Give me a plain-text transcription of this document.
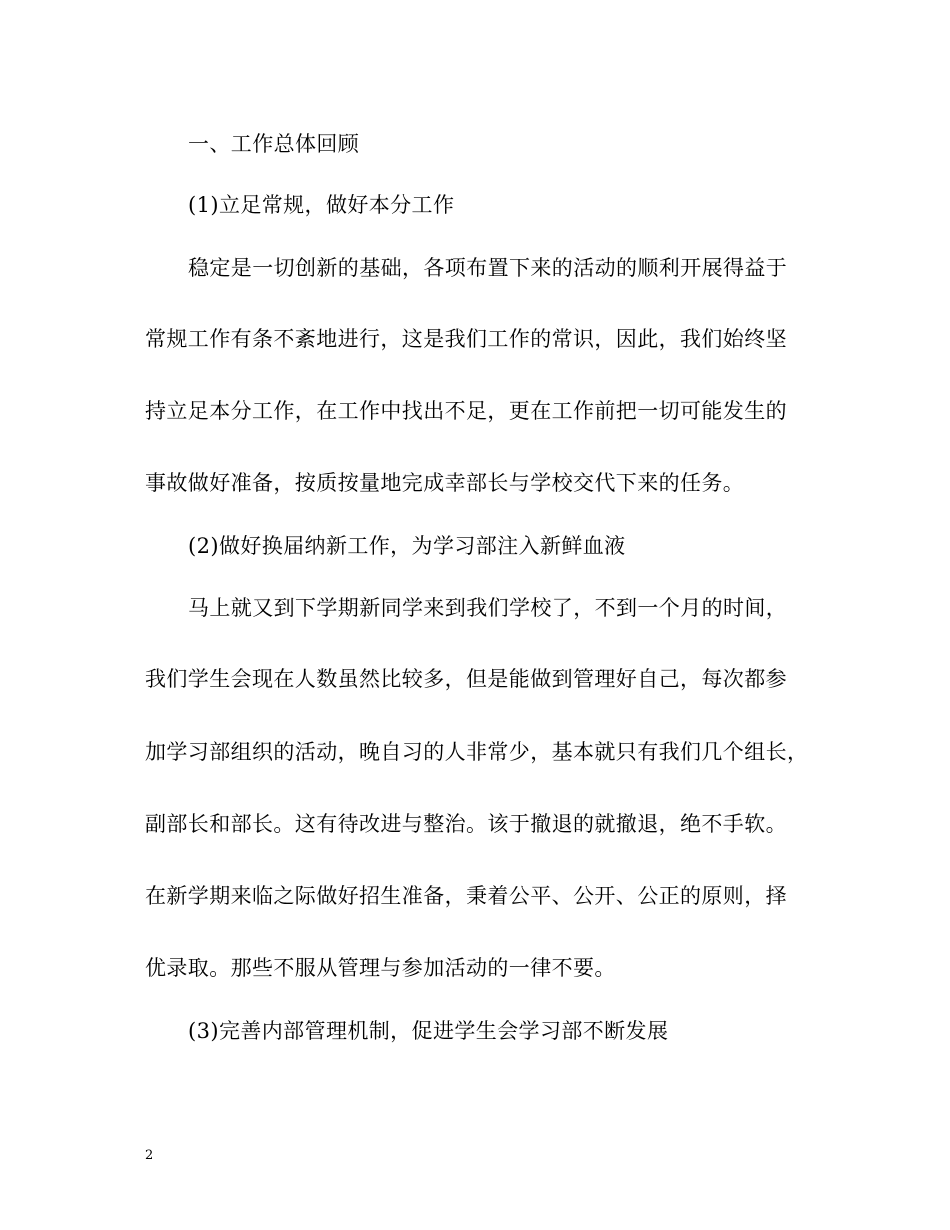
一、工作总体回顾
(1)立足常规，做好本分工作
稳定是一切创新的基础，各项布置下来的活动的顺利开展得益于
常规工作有条不紊地进行，这是我们工作的常识，因此，我们始终坚
持立足本分工作，在工作中找出不足，更在工作前把一切可能发生的
事故做好准备，按质按量地完成幸部长与学校交代下来的任务。
(2)做好换届纳新工作，为学习部注入新鲜血液
马上就又到下学期新同学来到我们学校了，不到一个月的时间，
我们学生会现在人数虽然比较多，但是能做到管理好自己，每次都参
加学习部组织的活动，晚自习的人非常少，基本就只有我们几个组长，
副部长和部长。这有待改进与整治。该于撤退的就撤退，绝不手软。
在新学期来临之际做好招生准备，秉着公平、公开、公正的原则，择
优录取。那些不服从管理与参加活动的一律不要。
(3)完善内部管理机制，促进学生会学习部不断发展
2
